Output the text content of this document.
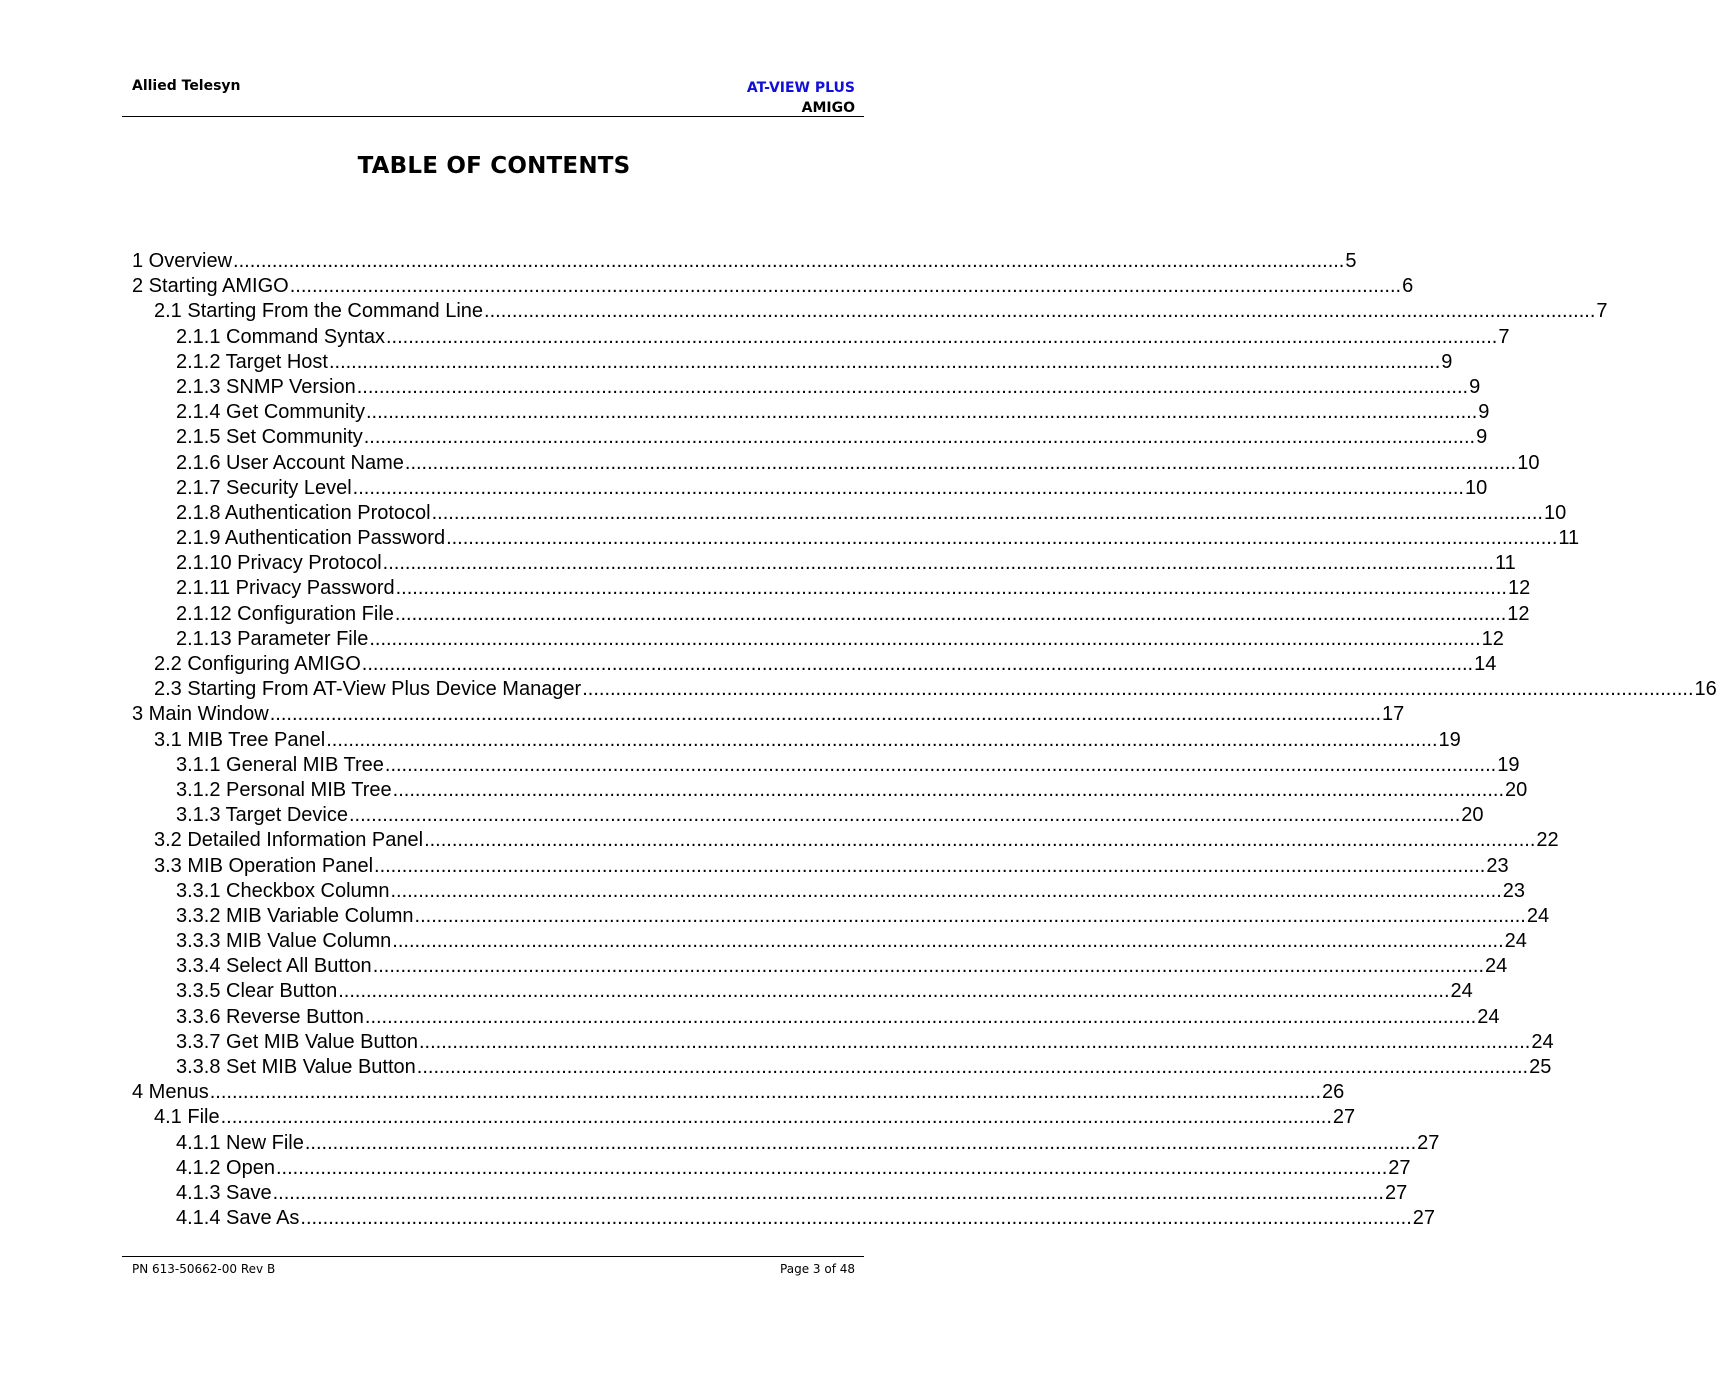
Allied Telesyn	AT-VIEW PLUS
AMIGO
TABLE OF CONTENTS
1 Overview ........................................................................................................................................................................................................ 5
2 Starting AMIGO ........................................................................................................................................................................................................ 6
2.1 Starting From the Command Line ........................................................................................................................................................................................................ 7
2.1.1 Command Syntax ........................................................................................................................................................................................................ 7
2.1.2 Target Host ........................................................................................................................................................................................................ 9
2.1.3 SNMP Version ........................................................................................................................................................................................................ 9
2.1.4 Get Community ........................................................................................................................................................................................................ 9
2.1.5 Set Community ........................................................................................................................................................................................................ 9
2.1.6 User Account Name ........................................................................................................................................................................................................ 10
2.1.7 Security Level ........................................................................................................................................................................................................ 10
2.1.8 Authentication Protocol ........................................................................................................................................................................................................ 10
2.1.9 Authentication Password ........................................................................................................................................................................................................ 11
2.1.10 Privacy Protocol ........................................................................................................................................................................................................ 11
2.1.11 Privacy Password ........................................................................................................................................................................................................ 12
2.1.12 Configuration File ........................................................................................................................................................................................................ 12
2.1.13 Parameter File ........................................................................................................................................................................................................ 12
2.2 Configuring AMIGO ........................................................................................................................................................................................................ 14
2.3 Starting From AT-View Plus Device Manager ........................................................................................................................................................................................................ 16
3 Main Window ........................................................................................................................................................................................................ 17
3.1 MIB Tree Panel ........................................................................................................................................................................................................ 19
3.1.1 General MIB Tree ........................................................................................................................................................................................................ 19
3.1.2 Personal MIB Tree ........................................................................................................................................................................................................ 20
3.1.3 Target Device ........................................................................................................................................................................................................ 20
3.2 Detailed Information Panel ........................................................................................................................................................................................................ 22
3.3 MIB Operation Panel ........................................................................................................................................................................................................ 23
3.3.1 Checkbox Column ........................................................................................................................................................................................................ 23
3.3.2 MIB Variable Column ........................................................................................................................................................................................................ 24
3.3.3 MIB Value Column ........................................................................................................................................................................................................ 24
3.3.4 Select All Button ........................................................................................................................................................................................................ 24
3.3.5 Clear Button ........................................................................................................................................................................................................ 24
3.3.6 Reverse Button ........................................................................................................................................................................................................ 24
3.3.7 Get MIB Value Button ........................................................................................................................................................................................................ 24
3.3.8 Set MIB Value Button ........................................................................................................................................................................................................ 25
4 Menus ........................................................................................................................................................................................................ 26
4.1 File ........................................................................................................................................................................................................ 27
4.1.1 New File ........................................................................................................................................................................................................ 27
4.1.2 Open ........................................................................................................................................................................................................ 27
4.1.3 Save ........................................................................................................................................................................................................ 27
4.1.4 Save As ........................................................................................................................................................................................................ 27
PN 613-50662-00 Rev B	Page 3 of 48
